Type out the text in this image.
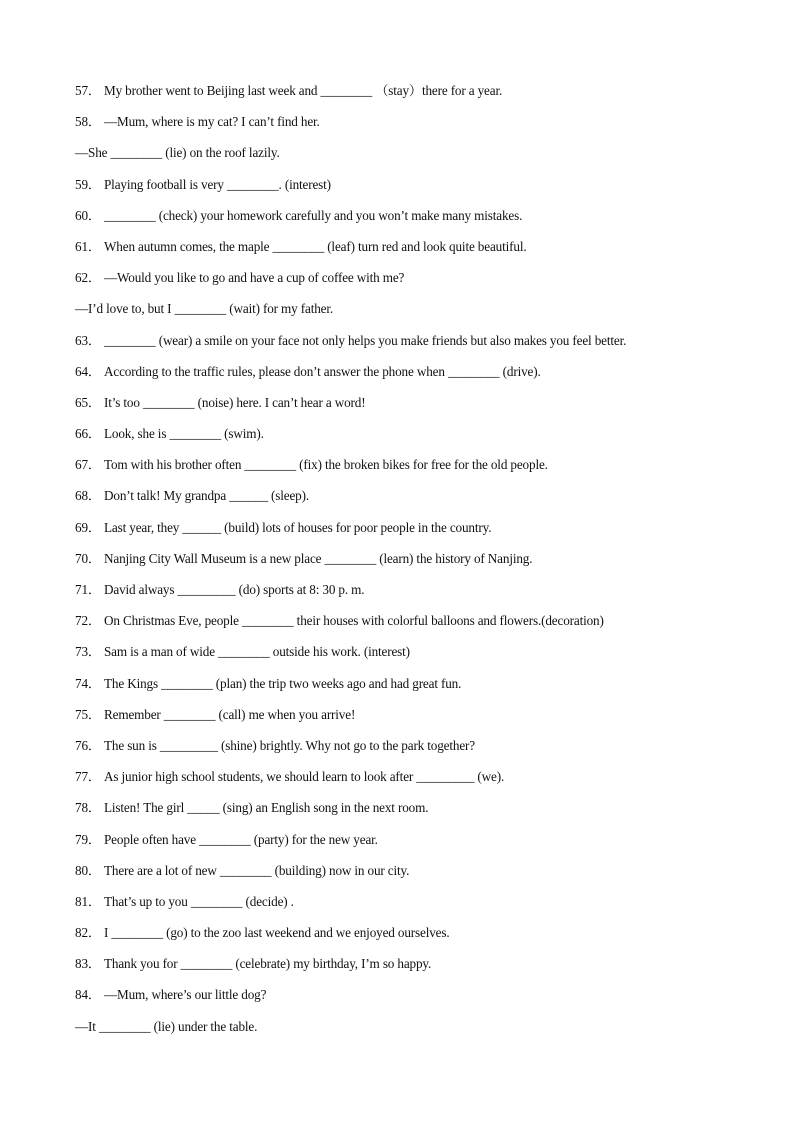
57． My brother went to Beijing last week and ________ （stay）there for a year.
58． —Mum, where is my cat? I can’t find her.
—She ________ (lie) on the roof lazily.
59． Playing football is very ________. (interest)
60． ________ (check) your homework carefully and you won’t make many mistakes.
61． When autumn comes, the maple ________ (leaf) turn red and look quite beautiful.
62． —Would you like to go and have a cup of coffee with me?
—I’d love to, but I ________ (wait) for my father.
63． ________ (wear) a smile on your face not only helps you make friends but also makes you feel better.
64． According to the traffic rules, please don’t answer the phone when ________ (drive).
65． It’s too ________ (noise) here. I can’t hear a word!
66． Look, she is ________ (swim).
67． Tom with his brother often ________ (fix) the broken bikes for free for the old people.
68． Don’t talk! My grandpa ______ (sleep).
69． Last year, they ______ (build) lots of houses for poor people in the country.
70． Nanjing City Wall Museum is a new place ________ (learn) the history of Nanjing.
71． David always _________ (do) sports at 8: 30 p. m.
72． On Christmas Eve, people ________ their houses with colorful balloons and flowers.(decoration)
73． Sam is a man of wide ________ outside his work. (interest)
74． The Kings ________ (plan) the trip two weeks ago and had great fun.
75． Remember ________ (call) me when you arrive!
76． The sun is _________ (shine) brightly. Why not go to the park together?
77． As junior high school students, we should learn to look after _________ (we).
78． Listen! The girl _____ (sing) an English song in the next room.
79． People often have ________ (party) for the new year.
80． There are a lot of new ________ (building) now in our city.
81． That’s up to you ________ (decide) .
82． I ________ (go) to the zoo last weekend and we enjoyed ourselves.
83． Thank you for ________ (celebrate) my birthday, I’m so happy.
84． —Mum, where’s our little dog?
—It ________ (lie) under the table.
